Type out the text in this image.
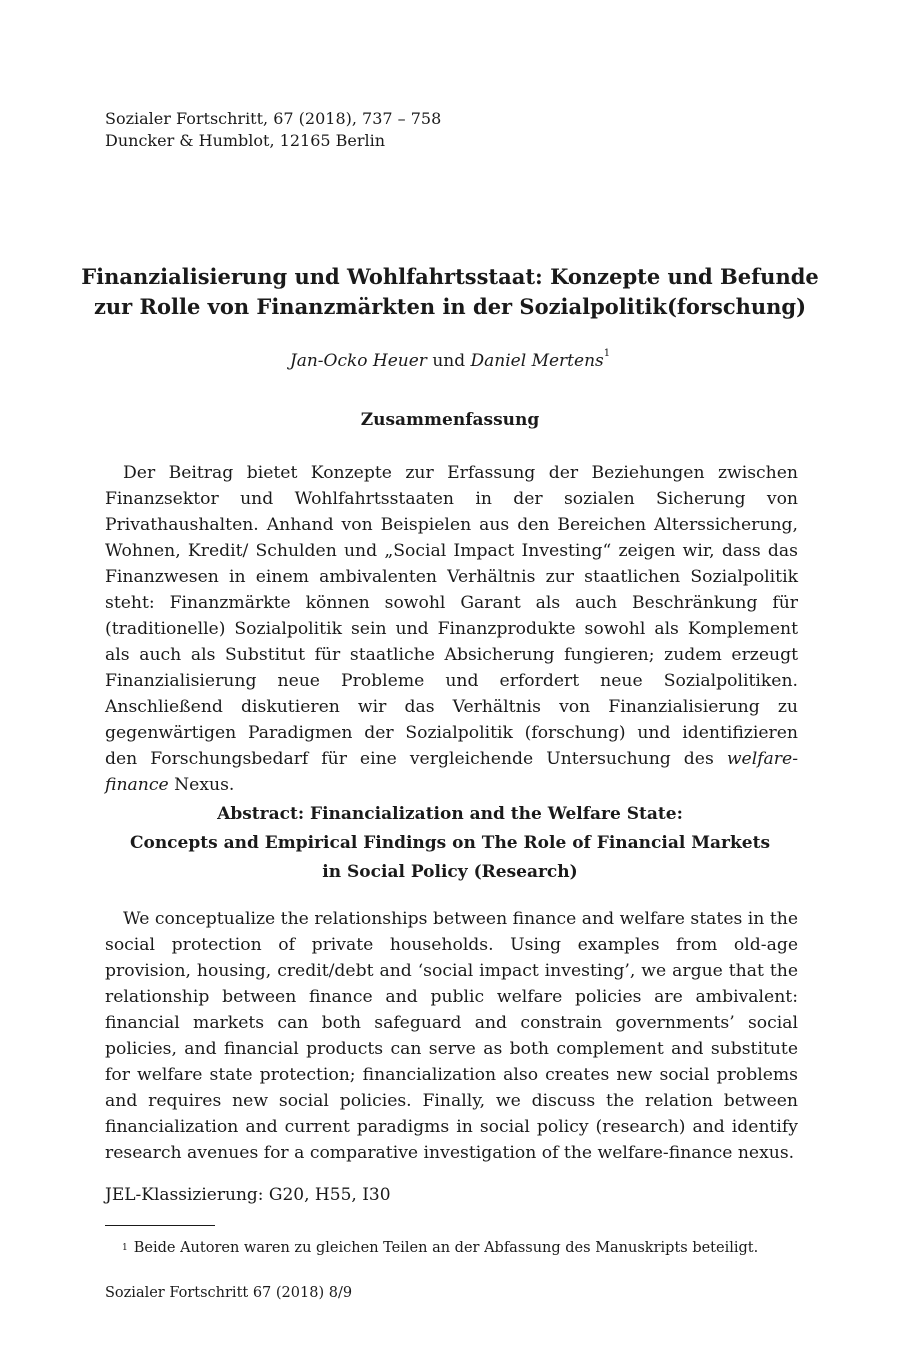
Sozialer Fortschritt, 67 (2018), 737 – 758
Duncker & Humblot, 12165 Berlin
Finanzialisierung und Wohlfahrtsstaat: Konzepte und Befunde
zur Rolle von Finanzmärkten in der Sozialpolitik(forschung)
Jan-Ocko Heuer und Daniel Mertens$^1$
Zusammenfassung

Der Beitrag bietet Konzepte zur Erfassung der Beziehungen zwischen Finanzsektor und Wohlfahrtsstaaten in der sozialen Sicherung von Privathaushalten. Anhand von Beispielen aus den Bereichen Alterssicherung, Wohnen, Kredit/ Schulden und „Social Impact Investing“ zeigen wir, dass das Finanzwesen in einem ambivalenten Verhältnis zur staatlichen Sozialpolitik steht: Finanzmärkte können sowohl Garant als auch Beschränkung für (traditionelle) Sozialpolitik sein und Finanzprodukte sowohl als Komplement als auch als Substitut für staatliche Absicherung fungieren; zudem erzeugt Finanzialisierung neue Probleme und erfordert neue Sozialpolitiken. Anschließend diskutieren wir das Verhältnis von Finanzialisierung zu gegenwärtigen Paradigmen der Sozialpolitik (forschung) und identifizieren den Forschungsbedarf für eine vergleichende Untersuchung des welfare-finance Nexus.

Abstract: Financialization and the Welfare State:
Concepts and Empirical Findings on The Role of Financial Markets
in Social Policy (Research)

We conceptualize the relationships between finance and welfare states in the social protection of private households. Using examples from old-age provision, housing, credit/debt and ‘social impact investing’, we argue that the relationship between finance and public welfare policies are ambivalent: financial markets can both safeguard and constrain governments’ social policies, and financial products can serve as both complement and substitute for welfare state protection; financialization also creates new social problems and requires new social policies. Finally, we discuss the relation between financialization and current paradigms in social policy (research) and identify research avenues for a comparative investigation of the welfare-finance nexus.

JEL-Klassizierung: G20, H55, I30
$^1$ Beide Autoren waren zu gleichen Teilen an der Abfassung des Manuskripts beteiligt.
Sozialer Fortschritt 67 (2018) 8/9
